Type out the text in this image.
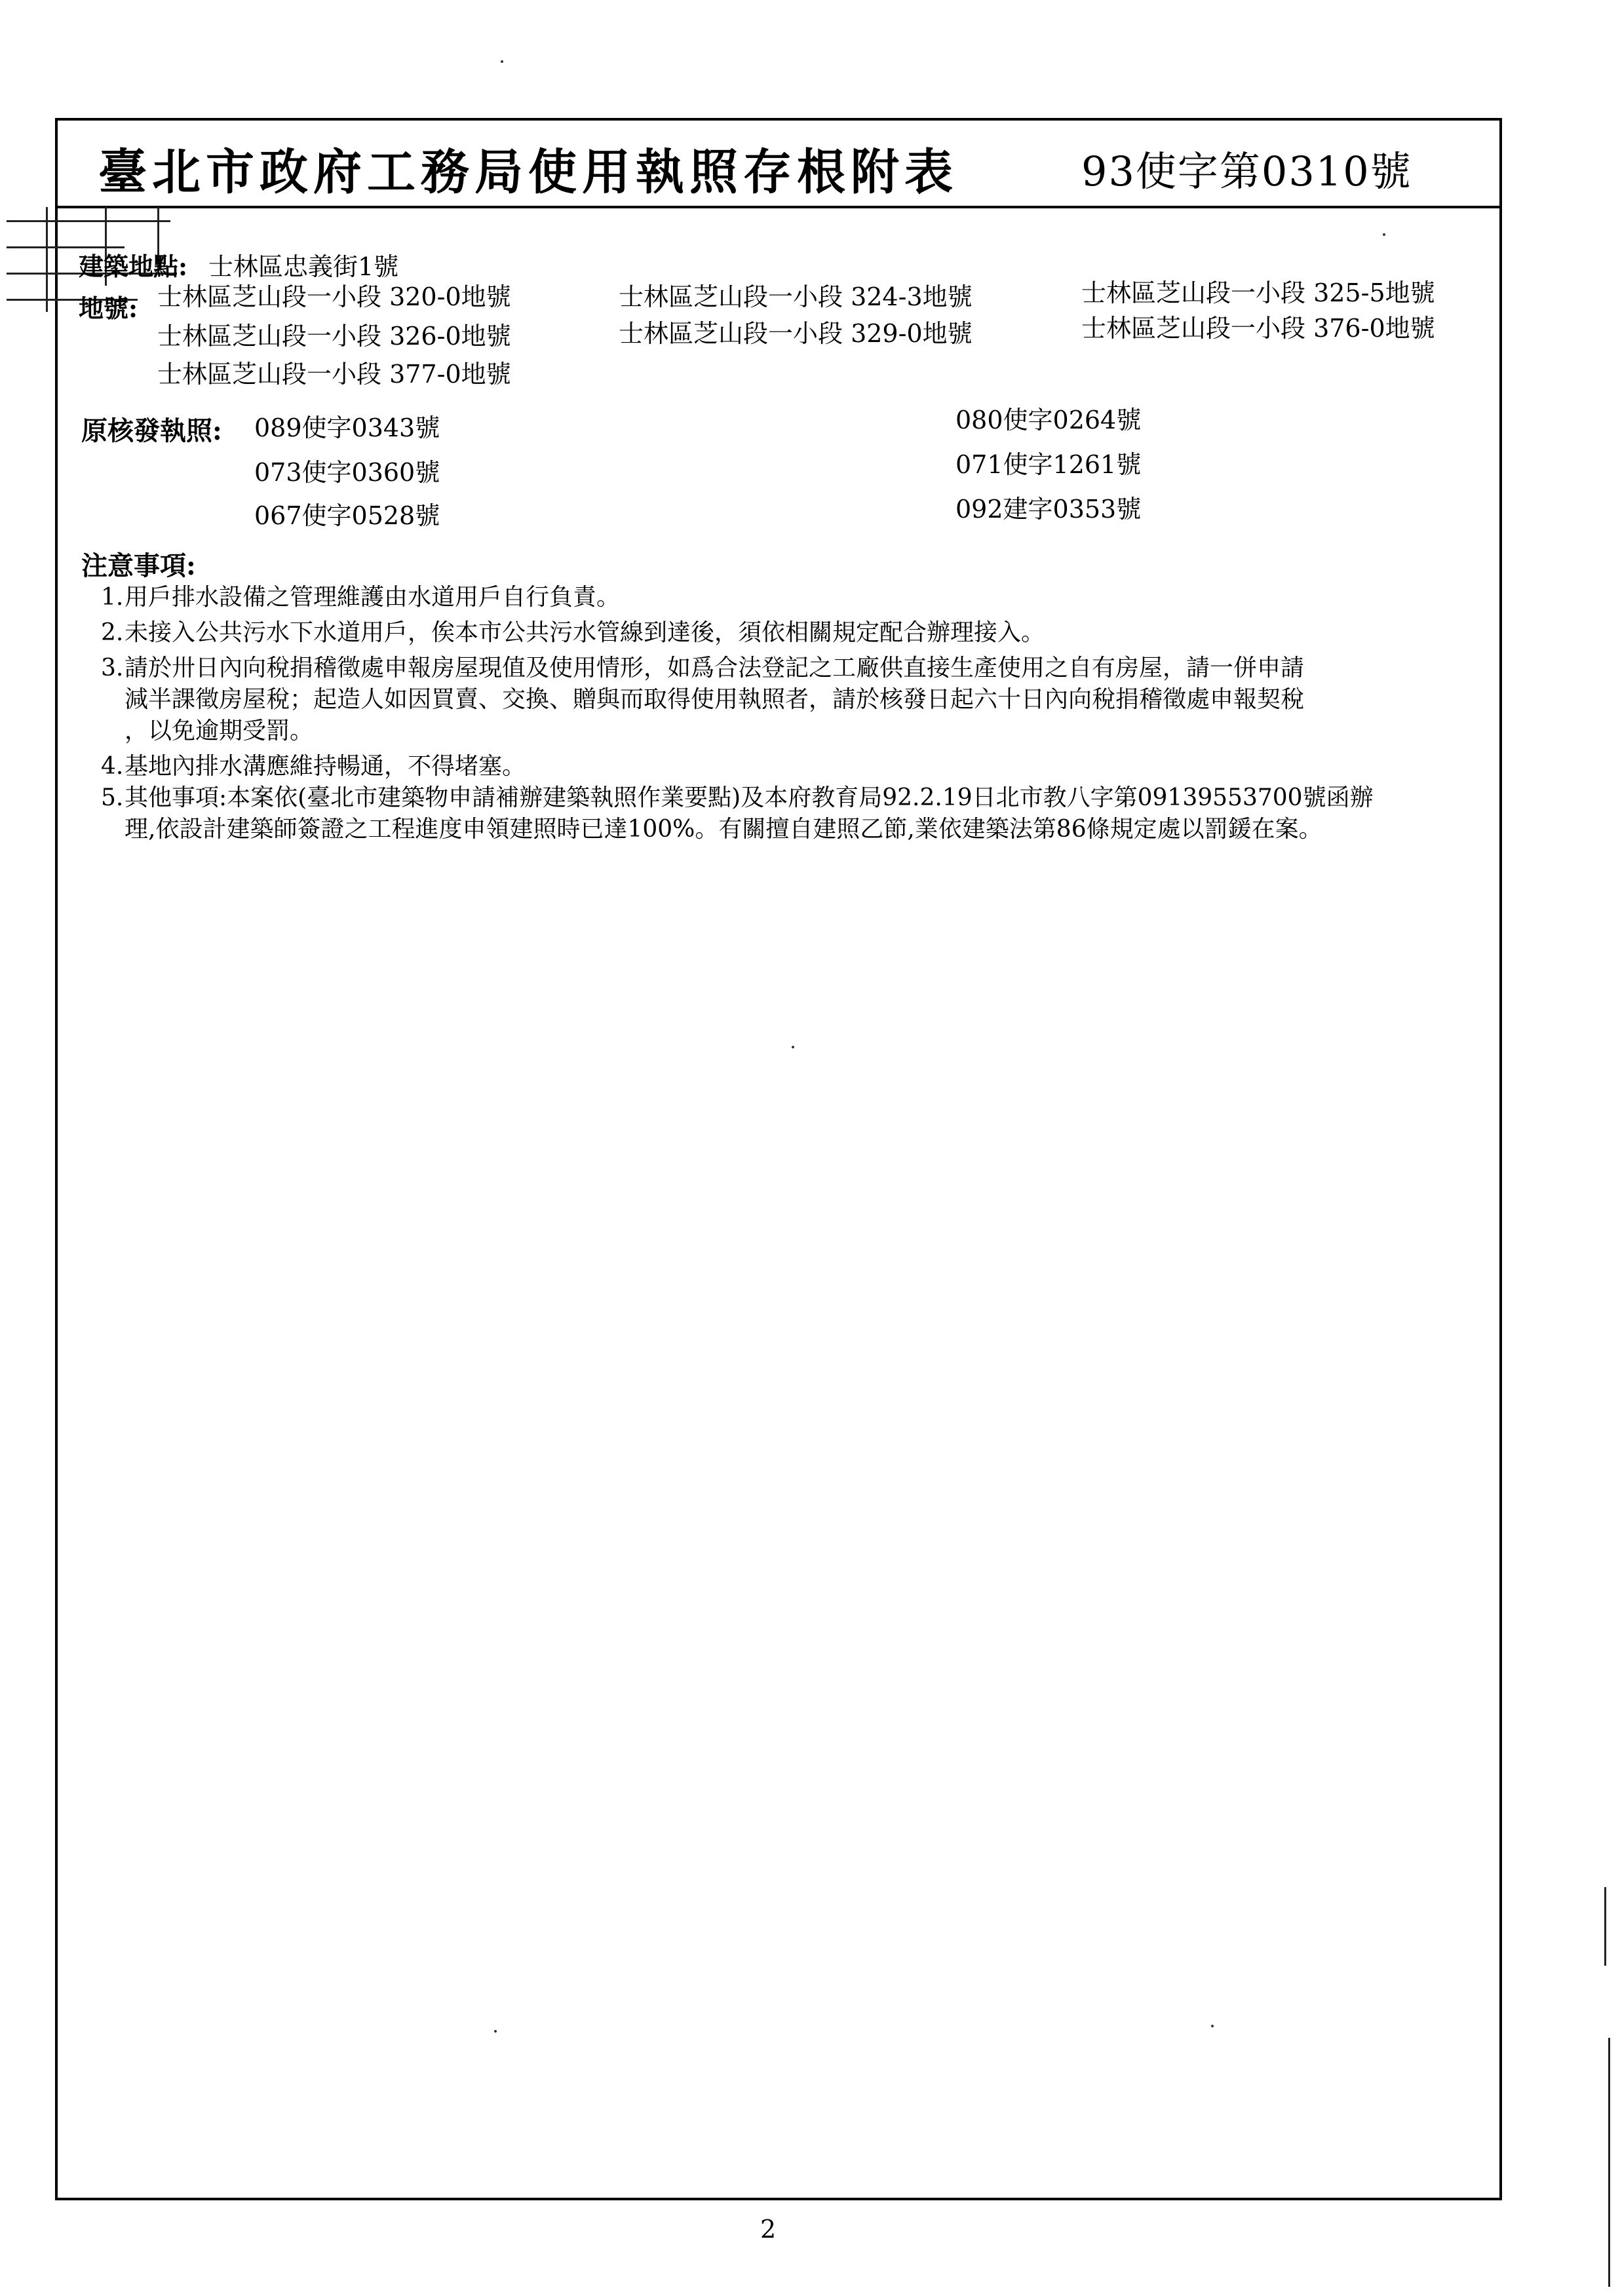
臺北市政府工務局使用執照存根附表	93使字第0310號
建築地點: 士林區忠義街1號
地號: 士林區芝山段一小段 320-0地號	士林區芝山段一小段 324-3地號	士林區芝山段一小段 325-5地號
士林區芝山段一小段 326-0地號	士林區芝山段一小段 329-0地號	士林區芝山段一小段 376-0地號
士林區芝山段一小段 377-0地號
原核發執照: 089使字0343號	080使字0264號
073使字0360號	071使字1261號
067使字0528號	092建字0353號
注意事項:
1. 用戶排水設備之管理維護由水道用戶自行負責。
2. 未接入公共污水下水道用戶，俟本市公共污水管線到達後，須依相關規定配合辦理接入。
3. 請於卅日內向稅捐稽徵處申報房屋現值及使用情形，如爲合法登記之工廠供直接生產使用之自有房屋，請一併申請
減半課徵房屋稅；起造人如因買賣、交換、贈與而取得使用執照者，請於核發日起六十日內向稅捐稽徵處申報契稅
，以免逾期受罰。
4. 基地內排水溝應維持暢通，不得堵塞。
5. 其他事項:本案依(臺北市建築物申請補辦建築執照作業要點)及本府教育局92.2.19日北市教八字第09139553700號函辦
理,依設計建築師簽證之工程進度申領建照時已達100%。有關擅自建照乙節,業依建築法第86條規定處以罰鍰在案。
2
